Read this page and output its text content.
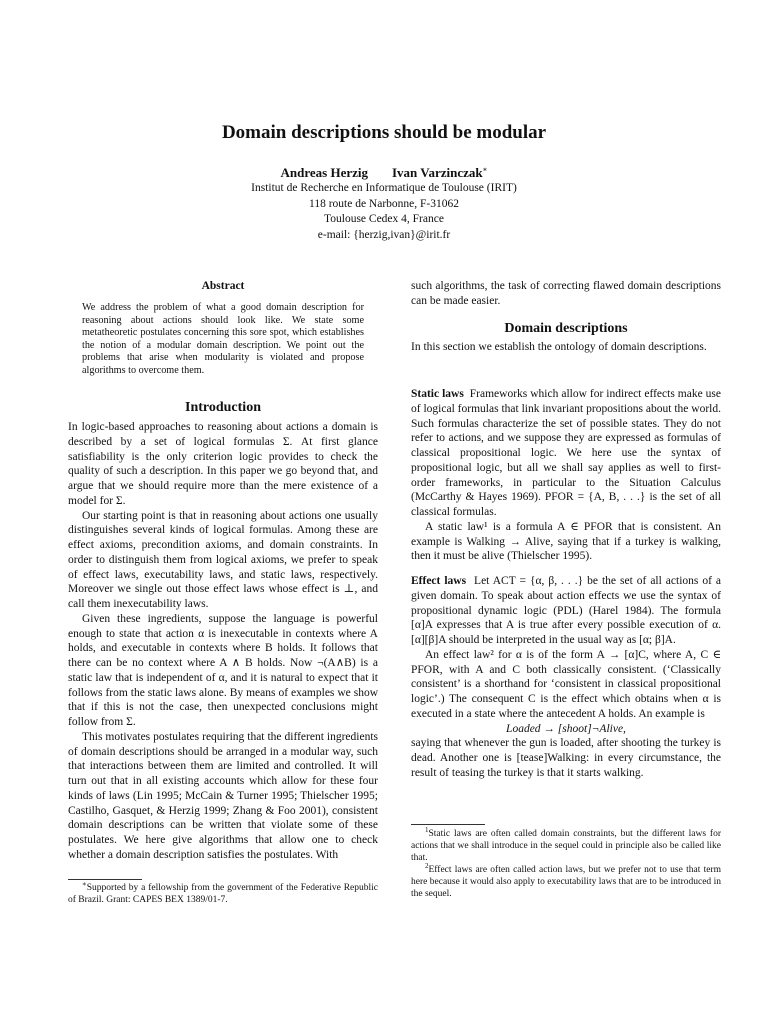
Domain descriptions should be modular
Andreas Herzig Ivan Varzinczak∗
Institut de Recherche en Informatique de Toulouse (IRIT)
118 route de Narbonne, F-31062
Toulouse Cedex 4, France
e-mail: {herzig,ivan}@irit.fr
Abstract

We address the problem of what a good domain description for reasoning about actions should look like. We state some metatheoretic postulates concerning this sore spot, which establishes the notion of a modular domain description. We point out the problems that arise when modularity is violated and propose algorithms to overcome them.

Introduction

In logic-based approaches to reasoning about actions a domain is described by a set of logical formulas Σ. At first glance satisfiability is the only criterion logic provides to check the quality of such a description. In this paper we go beyond that, and argue that we should require more than the mere existence of a model for Σ.

Our starting point is that in reasoning about actions one usually distinguishes several kinds of logical formulas. Among these are effect axioms, precondition axioms, and domain constraints. In order to distinguish them from logical axioms, we prefer to speak of effect laws, executability laws, and static laws, respectively. Moreover we single out those effect laws whose effect is ⊥, and call them inexecutability laws.

Given these ingredients, suppose the language is powerful enough to state that action α is inexecutable in contexts where A holds, and executable in contexts where B holds. It follows that there can be no context where A ∧ B holds. Now ¬(A∧B) is a static law that is independent of α, and it is natural to expect that it follows from the static laws alone. By means of examples we show that if this is not the case, then unexpected conclusions might follow from Σ.

This motivates postulates requiring that the different ingredients of domain descriptions should be arranged in a modular way, such that interactions between them are limited and controlled. It will turn out that in all existing accounts which allow for these four kinds of laws (Lin 1995; McCain & Turner 1995; Thielscher 1995; Castilho, Gasquet, & Herzig 1999; Zhang & Foo 2001), consistent domain descriptions can be written that violate some of these postulates. We here give algorithms that allow one to check whether a domain description satisfies the postulates. With

∗Supported by a fellowship from the government of the Federative Republic of Brazil. Grant: CAPES BEX 1389/01-7.

such algorithms, the task of correcting flawed domain descriptions can be made easier.

Domain descriptions

In this section we establish the ontology of domain descriptions.

Static laws Frameworks which allow for indirect effects make use of logical formulas that link invariant propositions about the world. Such formulas characterize the set of possible states. They do not refer to actions, and we suppose they are expressed as formulas of classical propositional logic. We here use the syntax of propositional logic, but all we shall say applies as well to first-order frameworks, in particular to the Situation Calculus (McCarthy & Hayes 1969). PFOR = {A, B, . . .} is the set of all classical formulas.

A static law¹ is a formula A ∈ PFOR that is consistent. An example is Walking → Alive, saying that if a turkey is walking, then it must be alive (Thielscher 1995).

Effect laws Let ACT = {α, β, . . .} be the set of all actions of a given domain. To speak about action effects we use the syntax of propositional dynamic logic (PDL) (Harel 1984). The formula [α]A expresses that A is true after every possible execution of α. [α][β]A should be interpreted in the usual way as [α; β]A.

An effect law² for α is of the form A → [α]C, where A, C ∈ PFOR, with A and C both classically consistent. (‘Classically consistent’ is a shorthand for ‘consistent in classical propositional logic’.) The consequent C is the effect which obtains when α is executed in a state where the antecedent A holds. An example is

Loaded → [shoot]¬Alive,

saying that whenever the gun is loaded, after shooting the turkey is dead. Another one is [tease]Walking: in every circumstance, the result of teasing the turkey is that it starts walking.

$^1$Static laws are often called domain constraints, but the different laws for actions that we shall introduce in the sequel could in principle also be called like that.

$^2$Effect laws are often called action laws, but we prefer not to use that term here because it would also apply to executability laws that are to be introduced in the sequel.
